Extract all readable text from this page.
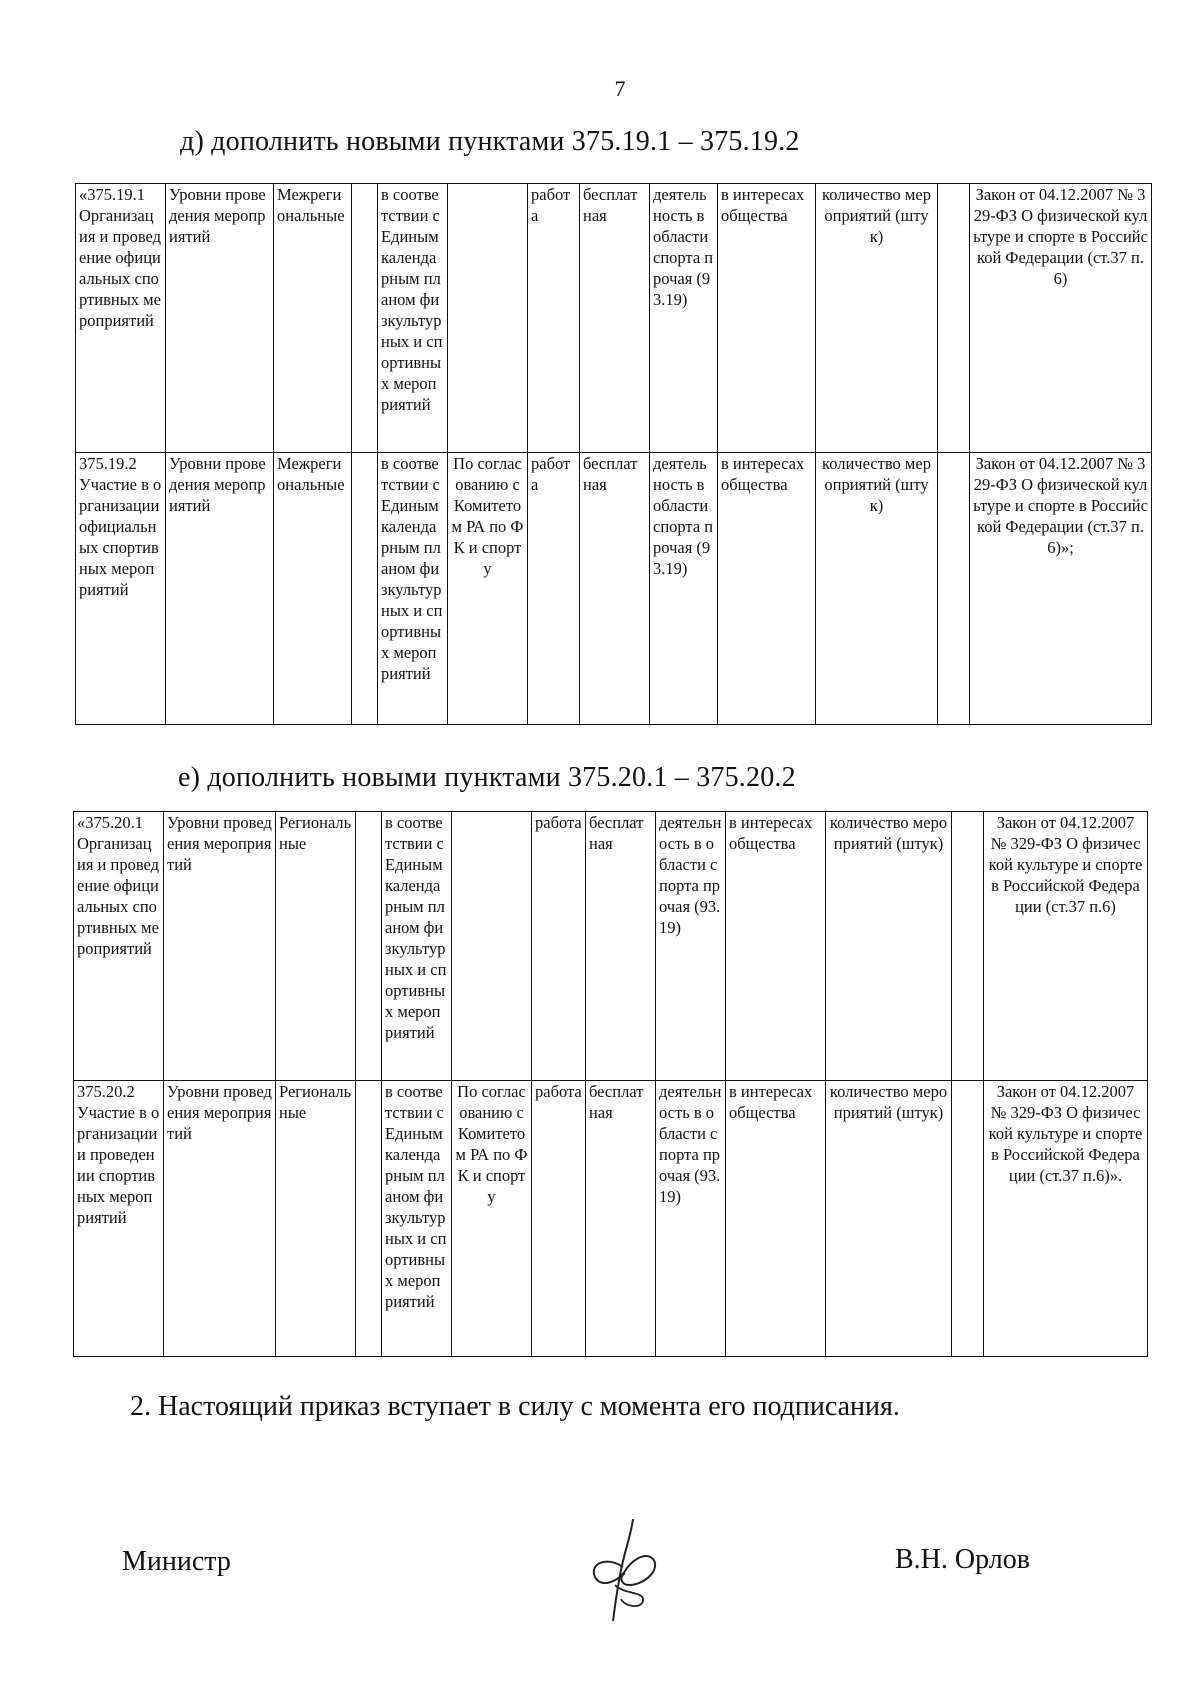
7
д) дополнить новыми пунктами 375.19.1 – 375.19.2
«375.19.1
Организация и проведение официальных спортивных мероприятий	Уровни проведения мероприятий	Межрегиональные		в соответствии с Единым календарным планом физкультурных и спортивных мероприятий		работа	бесплатная	деятельность в области спорта прочая (93.19)	в интересах общества	количество мероприятий (штук)		Закон от 04.12.2007 № 329-ФЗ О физической культуре и спорте в Российской Федерации (ст.37 п.6)
375.19.2
Участие в организации официальных спортивных мероприятий	Уровни проведения мероприятий	Межрегиональные		в соответствии с Единым календарным планом физкультурных и спортивных мероприятий	По согласованию с Комитетом РА по ФК и спорту	работа	бесплатная	деятельность в области спорта прочая (93.19)	в интересах общества	количество мероприятий (штук)		Закон от 04.12.2007 № 329-ФЗ О физической культуре и спорте в Российской Федерации (ст.37 п.6)»;
е) дополнить новыми пунктами 375.20.1 – 375.20.2
«375.20.1
Организация и проведение официальных спортивных мероприятий	Уровни проведения мероприятий	Региональные		в соответствии с Единым календарным планом физкультурных и спортивных мероприятий		работа	бесплатная	деятельность в области спорта прочая (93.19)	в интересах общества	количество мероприятий (штук)		Закон от 04.12.2007 № 329-ФЗ О физической культуре и спорте в Российской Федерации (ст.37 п.6)
375.20.2
Участие в организации и проведении спортивных мероприятий	Уровни проведения мероприятий	Региональные		в соответствии с Единым календарным планом физкультурных и спортивных мероприятий	По согласованию с Комитетом РА по ФК и спорту	работа	бесплатная	деятельность в области спорта прочая (93.19)	в интересах общества	количество мероприятий (штук)		Закон от 04.12.2007 № 329-ФЗ О физической культуре и спорте в Российской Федерации (ст.37 п.6)».
2. Настоящий приказ вступает в силу с момента его подписания.
Министр	В.Н. Орлов
